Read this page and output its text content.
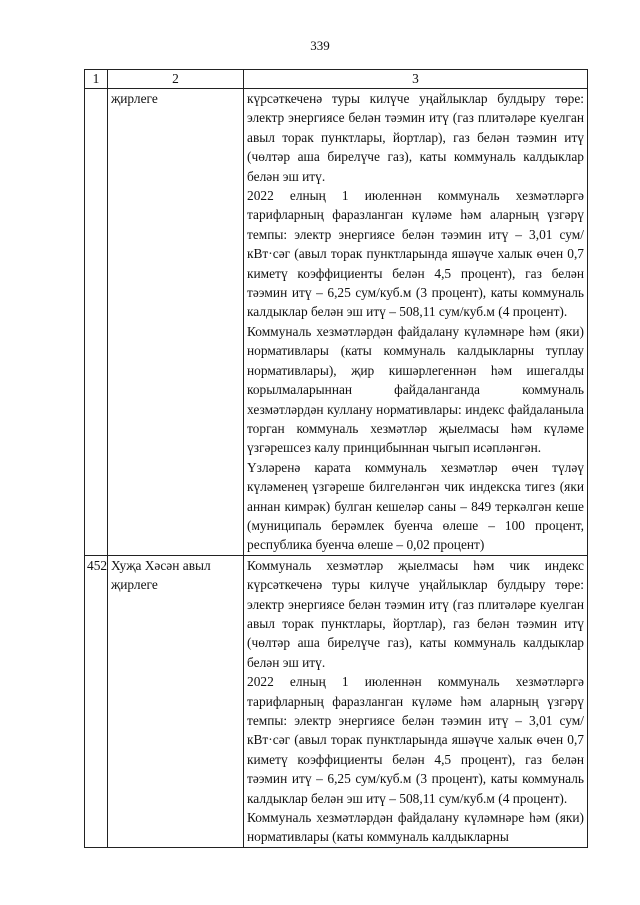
339
1	2	3
	җирлеге	күрсәткеченә туры килүче уңайлыклар булдыру төре: электр энергиясе белән тәэмин итү (газ плитәләре куелган авыл торак пунктлары, йортлар), газ белән тәэмин итү (чөлтәр аша бирелүче газ), каты коммуналь калдыклар белән эш итү.

2022 елның 1 июленнән коммуналь хезмәтләргә тарифларның фаразланган күләме һәм аларның үзгәрү темпы: электр энергиясе белән тәэмин итү – 3,01 сум/кВт·сәг (авыл торак пунктларында яшәүче халык өчен 0,7 киметү коэффициенты белән 4,5 процент), газ белән тәэмин итү – 6,25 сум/куб.м (3 процент), каты коммуналь калдыклар белән эш итү – 508,11 сум/куб.м (4 процент).

Коммуналь хезмәтләрдән файдалану күләмнәре һәм (яки) нормативлары (каты коммуналь калдыкларны туплау нормативлары), җир кишәрлегеннән һәм ишегалды корылмаларыннан файдаланганда коммуналь хезмәтләрдән куллану нормативлары: индекс файдаланыла торган коммуналь хезмәтләр җыелмасы һәм күләме үзгәрешсез калу принцибыннан чыгып исәпләнгән.

Үзләренә карата коммуналь хезмәтләр өчен түләү күләменең үзгәреше билгеләнгән чик индекска тигез (яки аннан кимрәк) булган кешеләр саны – 849 теркәлгән кеше (муниципаль берәмлек буенча өлеше – 100 процент, республика буенча өлеше – 0,02 процент)

452	Хуҗа Хәсән авыл җирлеге	Коммуналь хезмәтләр җыелмасы һәм чик индекс күрсәткеченә туры килүче уңайлыклар булдыру төре: электр энергиясе белән тәэмин итү (газ плитәләре куелган авыл торак пунктлары, йортлар), газ белән тәэмин итү (чөлтәр аша бирелүче газ), каты коммуналь калдыклар белән эш итү.

2022 елның 1 июленнән коммуналь хезмәтләргә тарифларның фаразланган күләме һәм аларның үзгәрү темпы: электр энергиясе белән тәэмин итү – 3,01 сум/кВт·сәг (авыл торак пунктларында яшәүче халык өчен 0,7 киметү коэффициенты белән 4,5 процент), газ белән тәэмин итү – 6,25 сум/куб.м (3 процент), каты коммуналь калдыклар белән эш итү – 508,11 сум/куб.м (4 процент).

Коммуналь хезмәтләрдән файдалану күләмнәре һәм (яки) нормативлары (каты коммуналь калдыкларны
